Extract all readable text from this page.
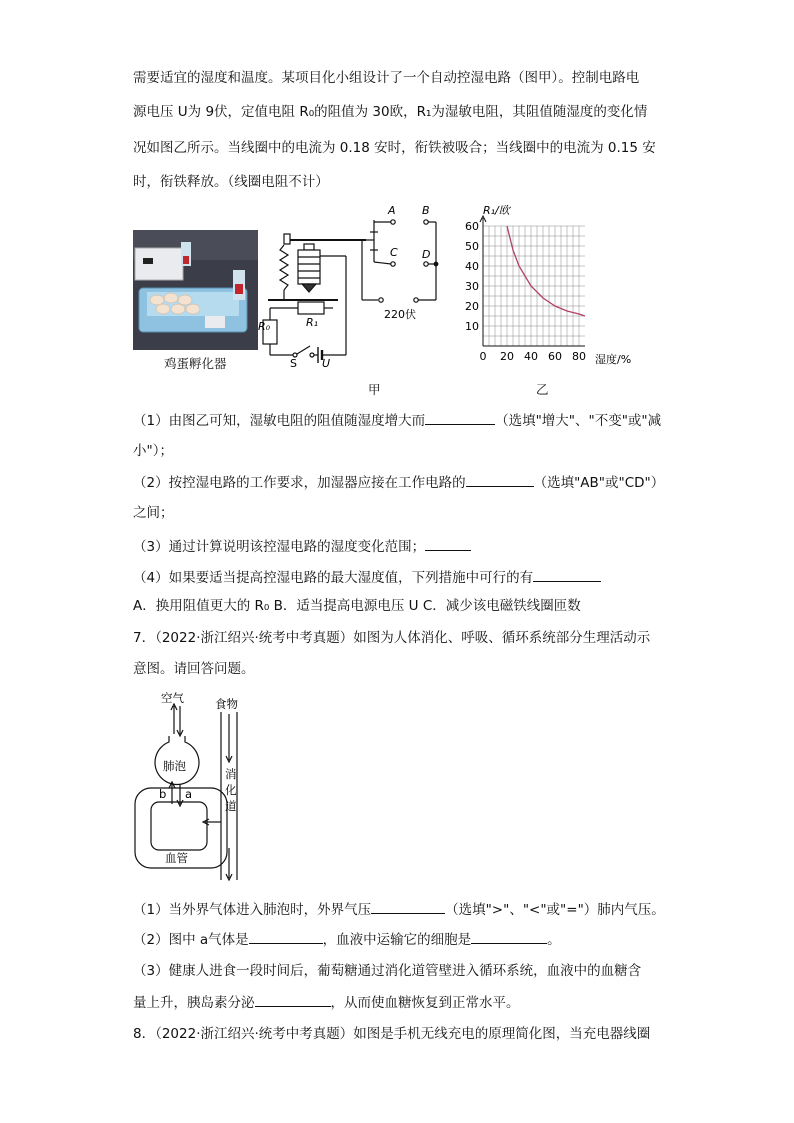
需要适宜的湿度和温度。某项目化小组设计了一个自动控湿电路（图甲）。控制电路电
源电压 U为 9伏，定值电阻 R₀的阻值为 30欧，R₁为湿敏电阻，其阻值随湿度的变化情
况如图乙所示。当线圈中的电流为 0.18 安时，衔铁被吸合；当线圈中的电流为 0.15 安
时，衔铁释放。（线圈电阻不计）
鸡蛋孵化器
A B
C D
R₀	R₁
S U
220伏
甲
0 20 40 60 80
10
20
30
40
50
60
R₁/欧
湿度/%
乙
（1）由图乙可知，湿敏电阻的阻值随湿度增大而	（选填"增大"、"不变"或"减
小"）；
（2）按控湿电路的工作要求，加湿器应接在工作电路的	（选填"AB"或"CD"）
之间；
（3）通过计算说明该控湿电路的湿度变化范围；
（4）如果要适当提高控湿电路的最大湿度值，下列措施中可行的有
A．换用阻值更大的 R₀ B．适当提高电源电压 U C．减少该电磁铁线圈匝数
7．（2022·浙江绍兴·统考中考真题）如图为人体消化、呼吸、循环系统部分生理活动示
意图。请回答问题。
空气	食物
肺泡
b a
消
化
道
血管
（1）当外界气体进入肺泡时，外界气压	（选填">"、"<"或"="）肺内气压。
（2）图中 a气体是	，血液中运输它的细胞是	。
（3）健康人进食一段时间后，葡萄糖通过消化道管壁进入循环系统，血液中的血糖含
量上升，胰岛素分泌	，从而使血糖恢复到正常水平。
8．（2022·浙江绍兴·统考中考真题）如图是手机无线充电的原理简化图，当充电器线圈
